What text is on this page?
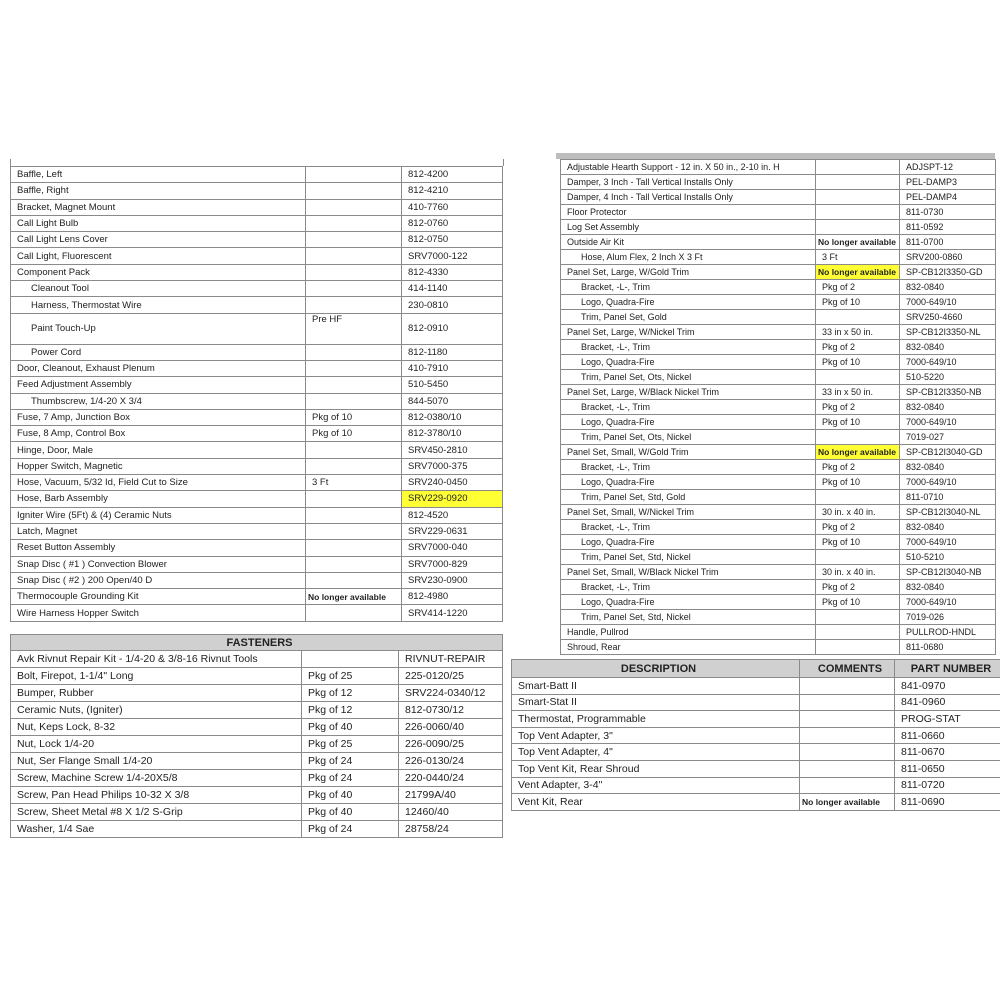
Baffle, Left		812-4200
Baffle, Right		812-4210
Bracket, Magnet Mount		410-7760
Call Light Bulb		812-0760
Call Light Lens Cover		812-0750
Call Light, Fluorescent		SRV7000-122
Component Pack		812-4330
Cleanout Tool		414-1140
Harness, Thermostat Wire		230-0810
Paint Touch-Up	Pre HF	812-0910
Power Cord		812-1180
Door, Cleanout, Exhaust Plenum		410-7910
Feed Adjustment Assembly		510-5450
Thumbscrew, 1/4-20 X 3/4		844-5070
Fuse, 7 Amp, Junction Box	Pkg of 10	812-0380/10
Fuse, 8 Amp, Control Box	Pkg of 10	812-3780/10
Hinge, Door, Male		SRV450-2810
Hopper Switch, Magnetic		SRV7000-375
Hose, Vacuum, 5/32 Id, Field Cut to Size	3 Ft	SRV240-0450
Hose, Barb Assembly		SRV229-0920
Igniter Wire (5Ft) & (4) Ceramic Nuts		812-4520
Latch, Magnet		SRV229-0631
Reset Button Assembly		SRV7000-040
Snap Disc ( #1 ) Convection Blower		SRV7000-829
Snap Disc ( #2 ) 200 Open/40 D		SRV230-0900
Thermocouple Grounding Kit	No longer available	812-4980
Wire Harness Hopper Switch		SRV414-1220
FASTENERS		
Avk Rivnut Repair Kit - 1/4-20 & 3/8-16 Rivnut Tools		RIVNUT-REPAIR
Bolt, Firepot, 1-1/4" Long	Pkg of 25	225-0120/25
Bumper, Rubber	Pkg of 12	SRV224-0340/12
Ceramic Nuts, (Igniter)	Pkg of 12	812-0730/12
Nut, Keps Lock, 8-32	Pkg of 40	226-0060/40
Nut, Lock 1/4-20	Pkg of 25	226-0090/25
Nut, Ser Flange Small 1/4-20	Pkg of 24	226-0130/24
Screw, Machine Screw 1/4-20X5/8	Pkg of 24	220-0440/24
Screw, Pan Head Philips 10-32 X 3/8	Pkg of 40	21799A/40
Screw, Sheet Metal #8 X 1/2 S-Grip	Pkg of 40	12460/40
Washer, 1/4 Sae	Pkg of 24	28758/24
Adjustable Hearth Support - 12 in. X 50 in., 2-10 in. H		ADJSPT-12
Damper, 3 Inch - Tall Vertical Installs Only		PEL-DAMP3
Damper, 4 Inch - Tall Vertical Installs Only		PEL-DAMP4
Floor Protector		811-0730
Log Set Assembly		811-0592
Outside Air Kit	No longer available	811-0700
Hose, Alum Flex, 2 Inch X 3 Ft	3 Ft	SRV200-0860
Panel Set, Large, W/Gold Trim	No longer available	SP-CB12I3350-GD
Bracket, -L-, Trim	Pkg of 2	832-0840
Logo, Quadra-Fire	Pkg of 10	7000-649/10
Trim, Panel Set, Gold		SRV250-4660
Panel Set, Large, W/Nickel Trim	33 in x 50 in.	SP-CB12I3350-NL
Bracket, -L-, Trim	Pkg of 2	832-0840
Logo, Quadra-Fire	Pkg of 10	7000-649/10
Trim, Panel Set, Ots, Nickel		510-5220
Panel Set, Large, W/Black Nickel Trim	33 in x 50 in.	SP-CB12I3350-NB
Bracket, -L-, Trim	Pkg of 2	832-0840
Logo, Quadra-Fire	Pkg of 10	7000-649/10
Trim, Panel Set, Ots, Nickel		7019-027
Panel Set, Small, W/Gold Trim	No longer available	SP-CB12I3040-GD
Bracket, -L-, Trim	Pkg of 2	832-0840
Logo, Quadra-Fire	Pkg of 10	7000-649/10
Trim, Panel Set, Std, Gold		811-0710
Panel Set, Small, W/Nickel Trim	30 in. x 40 in.	SP-CB12I3040-NL
Bracket, -L-, Trim	Pkg of 2	832-0840
Logo, Quadra-Fire	Pkg of 10	7000-649/10
Trim, Panel Set, Std, Nickel		510-5210
Panel Set, Small, W/Black Nickel Trim	30 in. x 40 in.	SP-CB12I3040-NB
Bracket, -L-, Trim	Pkg of 2	832-0840
Logo, Quadra-Fire	Pkg of 10	7000-649/10
Trim, Panel Set, Std, Nickel		7019-026
Handle, Pullrod		PULLROD-HNDL
Shroud, Rear		811-0680
DESCRIPTION	COMMENTS	PART NUMBER
Smart-Batt II		841-0970
Smart-Stat II		841-0960
Thermostat, Programmable		PROG-STAT
Top Vent Adapter, 3"		811-0660
Top Vent Adapter, 4"		811-0670
Top Vent Kit, Rear Shroud		811-0650
Vent Adapter, 3-4"		811-0720
Vent Kit, Rear	No longer available	811-0690
